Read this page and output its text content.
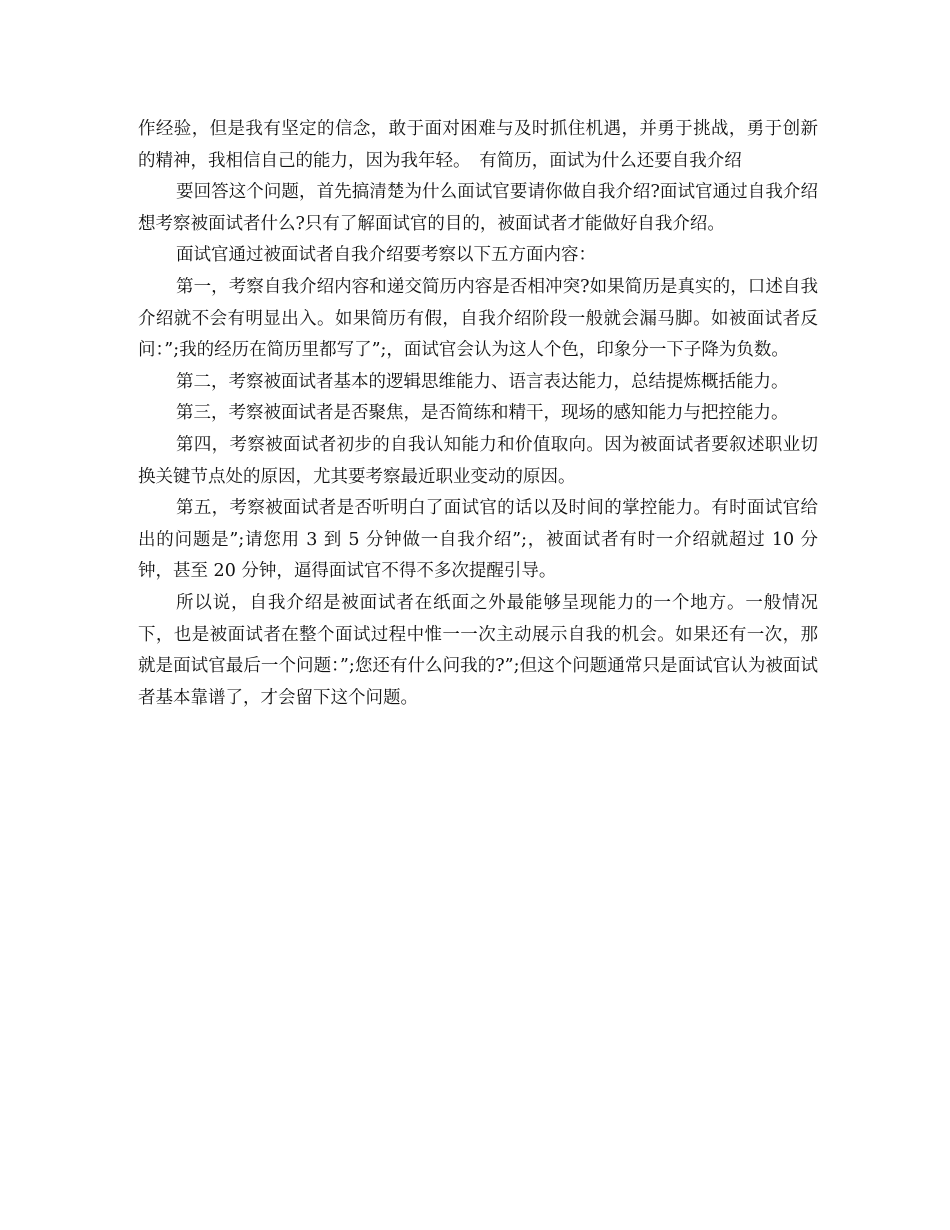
作经验，但是我有坚定的信念，敢于面对困难与及时抓住机遇，并勇于挑战，勇于创新的精神，我相信自己的能力，因为我年轻。　有简历，面试为什么还要自我介绍

要回答这个问题，首先搞清楚为什么面试官要请你做自我介绍?面试官通过自我介绍想考察被面试者什么?只有了解面试官的目的，被面试者才能做好自我介绍。

面试官通过被面试者自我介绍要考察以下五方面内容：

第一，考察自我介绍内容和递交简历内容是否相冲突?如果简历是真实的，口述自我介绍就不会有明显出入。如果简历有假，自我介绍阶段一般就会漏马脚。如被面试者反问：”;我的经历在简历里都写了”;，面试官会认为这人个色，印象分一下子降为负数。

第二，考察被面试者基本的逻辑思维能力、语言表达能力，总结提炼概括能力。

第三，考察被面试者是否聚焦，是否简练和精干，现场的感知能力与把控能力。

第四，考察被面试者初步的自我认知能力和价值取向。因为被面试者要叙述职业切换关键节点处的原因，尤其要考察最近职业变动的原因。

第五，考察被面试者是否听明白了面试官的话以及时间的掌控能力。有时面试官给出的问题是”;请您用 3 到 5 分钟做一自我介绍”;，被面试者有时一介绍就超过 10 分钟，甚至 20 分钟，逼得面试官不得不多次提醒引导。

所以说，自我介绍是被面试者在纸面之外最能够呈现能力的一个地方。一般情况下，也是被面试者在整个面试过程中惟一一次主动展示自我的机会。如果还有一次，那就是面试官最后一个问题：”;您还有什么问我的?”;但这个问题通常只是面试官认为被面试者基本靠谱了，才会留下这个问题。
